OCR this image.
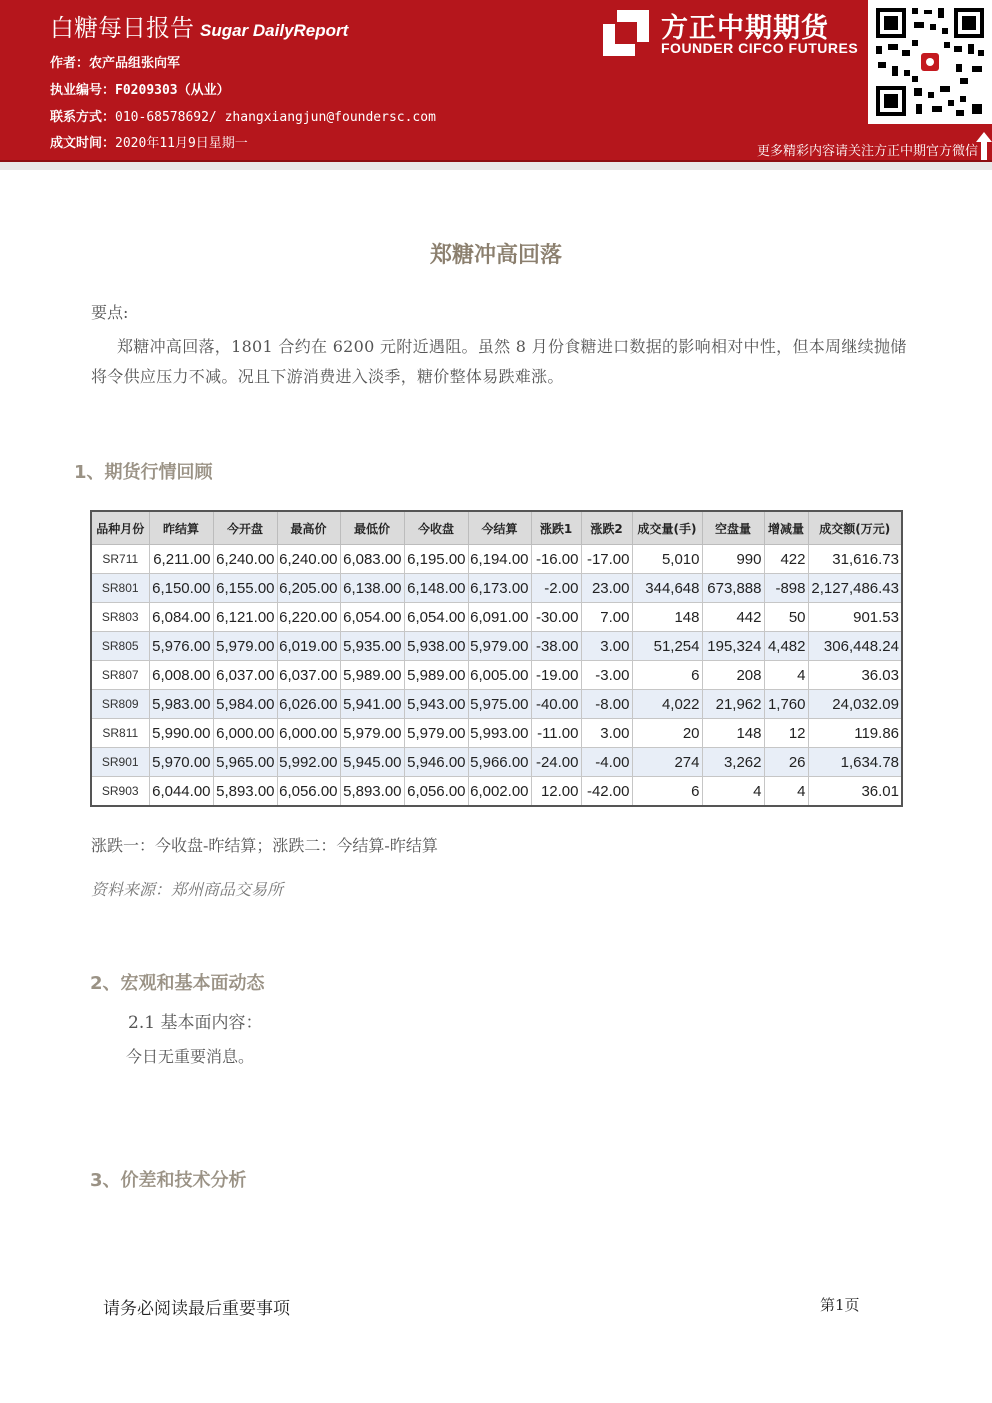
白糖每日报告 Sugar DailyReport
作者：农产品组张向军
执业编号：F0209303（从业）
联系方式：010-68578692/ zhangxiangjun@foundersc.com
成文时间：2020年11月9日星期一
方正中期期货
FOUNDER CIFCO FUTURES
更多精彩内容请关注方正中期官方微信
郑糖冲高回落
要点:
郑糖冲高回落，1801 合约在 6200 元附近遇阻。虽然 8 月份食糖进口数据的影响相对中性，但本周继续抛储将令供应压力不减。况且下游消费进入淡季，糖价整体易跌难涨。
1、期货行情回顾
品种月份	昨结算	今开盘	最高价	最低价	今收盘	今结算	涨跌1	涨跌2	成交量(手)	空盘量	增减量	成交额(万元)
SR711	6,211.00	6,240.00	6,240.00	6,083.00	6,195.00	6,194.00	-16.00	-17.00	5,010	990	422	31,616.73
SR801	6,150.00	6,155.00	6,205.00	6,138.00	6,148.00	6,173.00	-2.00	23.00	344,648	673,888	-898	2,127,486.43
SR803	6,084.00	6,121.00	6,220.00	6,054.00	6,054.00	6,091.00	-30.00	7.00	148	442	50	901.53
SR805	5,976.00	5,979.00	6,019.00	5,935.00	5,938.00	5,979.00	-38.00	3.00	51,254	195,324	4,482	306,448.24
SR807	6,008.00	6,037.00	6,037.00	5,989.00	5,989.00	6,005.00	-19.00	-3.00	6	208	4	36.03
SR809	5,983.00	5,984.00	6,026.00	5,941.00	5,943.00	5,975.00	-40.00	-8.00	4,022	21,962	1,760	24,032.09
SR811	5,990.00	6,000.00	6,000.00	5,979.00	5,979.00	5,993.00	-11.00	3.00	20	148	12	119.86
SR901	5,970.00	5,965.00	5,992.00	5,945.00	5,946.00	5,966.00	-24.00	-4.00	274	3,262	26	1,634.78
SR903	6,044.00	5,893.00	6,056.00	5,893.00	6,056.00	6,002.00	12.00	-42.00	6	4	4	36.01
涨跌一：今收盘-昨结算；涨跌二：今结算-昨结算
资料来源：郑州商品交易所
2、宏观和基本面动态
2.1 基本面内容：
今日无重要消息。
3、价差和技术分析
请务必阅读最后重要事项	第1页
